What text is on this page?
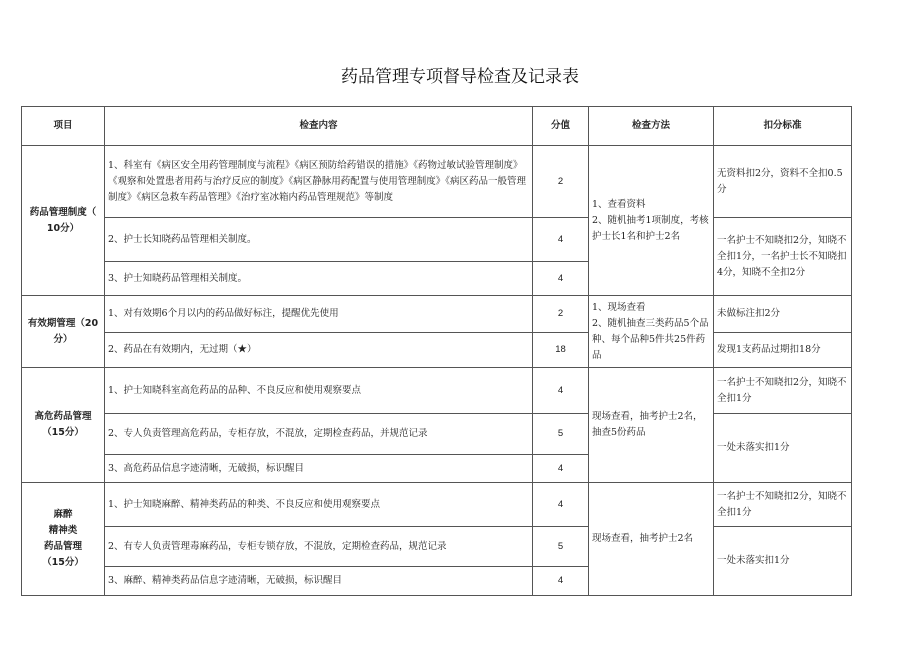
药品管理专项督导检查及记录表
项目	检查内容	分值	检查方法	扣分标准

药品管理制度（
10分）	1、科室有《病区安全用药管理制度与流程》《病区预防给药错误的措施》《药物过敏试验管理制度》《观察和处置患者用药与治疗反应的制度》《病区静脉用药配置与使用管理制度》《病区药品一般管理制度》《病区急救车药品管理》《治疗室冰箱内药品管理规范》等制度	2	1、查看资料
2、随机抽考1项制度，考核护士长1名和护士2名	无资料扣2分，资料不全扣0.5分
	2、护士长知晓药品管理相关制度。	4		一名护士不知晓扣2分，知晓不全扣1分，一名护士长不知晓扣4分，知晓不全扣2分
	3、护士知晓药品管理相关制度。	4		

有效期管理（20
分）	1、对有效期6个月以内的药品做好标注，提醒优先使用	2	1、现场查看
2、随机抽查三类药品5个品种、每个品种5件共25件药品	未做标注扣2分
	2、药品在有效期内，无过期（★）	18		发现1支药品过期扣18分

高危药品管理
（15分）	1、护士知晓科室高危药品的品种、不良反应和使用观察要点	4	现场查看，抽考护士2名，抽查5份药品	一名护士不知晓扣2分，知晓不全扣1分
	2、专人负责管理高危药品，专柜存放，不混放，定期检查药品，并规范记录	5		一处未落实扣1分
	3、高危药品信息字迹清晰，无破损，标识醒目	4		

麻醉
精神类
药品管理
（15分）	1、护士知晓麻醉、精神类药品的种类、不良反应和使用观察要点	4	现场查看，抽考护士2名	一名护士不知晓扣2分，知晓不全扣1分
	2、有专人负责管理毒麻药品，专柜专锁存放，不混放，定期检查药品，规范记录	5		一处未落实扣1分
	3、麻醉、精神类药品信息字迹清晰，无破损，标识醒目	4		
